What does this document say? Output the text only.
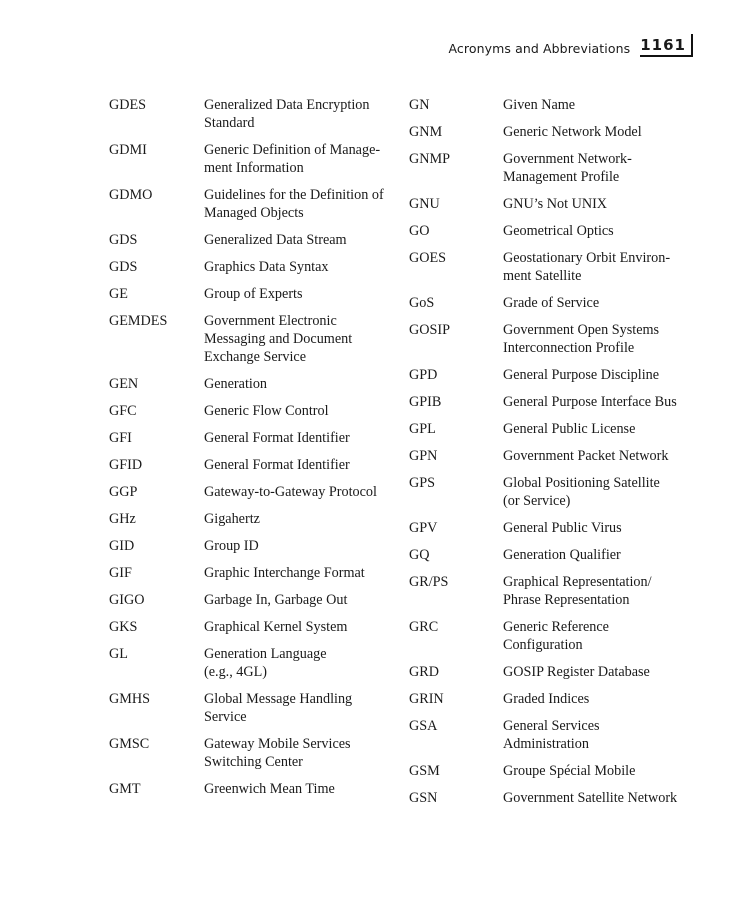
Acronyms and Abbreviations 1161
GDES	Generalized Data Encryption
Standard
GDMI	Generic Definition of Manage-
ment Information
GDMO	Guidelines for the Definition of
Managed Objects
GDS	Generalized Data Stream
GDS	Graphics Data Syntax
GE	Group of Experts
GEMDES	Government Electronic
Messaging and Document
Exchange Service
GEN	Generation
GFC	Generic Flow Control
GFI	General Format Identifier
GFID	General Format Identifier
GGP	Gateway-to-Gateway Protocol
GHz	Gigahertz
GID	Group ID
GIF	Graphic Interchange Format
GIGO	Garbage In, Garbage Out
GKS	Graphical Kernel System
GL	Generation Language
(e.g., 4GL)
GMHS	Global Message Handling
Service
GMSC	Gateway Mobile Services
Switching Center
GMT	Greenwich Mean Time
GN	Given Name
GNM	Generic Network Model
GNMP	Government Network-
Management Profile
GNU	GNU’s Not UNIX
GO	Geometrical Optics
GOES	Geostationary Orbit Environ-
ment Satellite
GoS	Grade of Service
GOSIP	Government Open Systems
Interconnection Profile
GPD	General Purpose Discipline
GPIB	General Purpose Interface Bus
GPL	General Public License
GPN	Government Packet Network
GPS	Global Positioning Satellite
(or Service)
GPV	General Public Virus
GQ	Generation Qualifier
GR/PS	Graphical Representation/
Phrase Representation
GRC	Generic Reference
Configuration
GRD	GOSIP Register Database
GRIN	Graded Indices
GSA	General Services
Administration
GSM	Groupe Spécial Mobile
GSN	Government Satellite Network
